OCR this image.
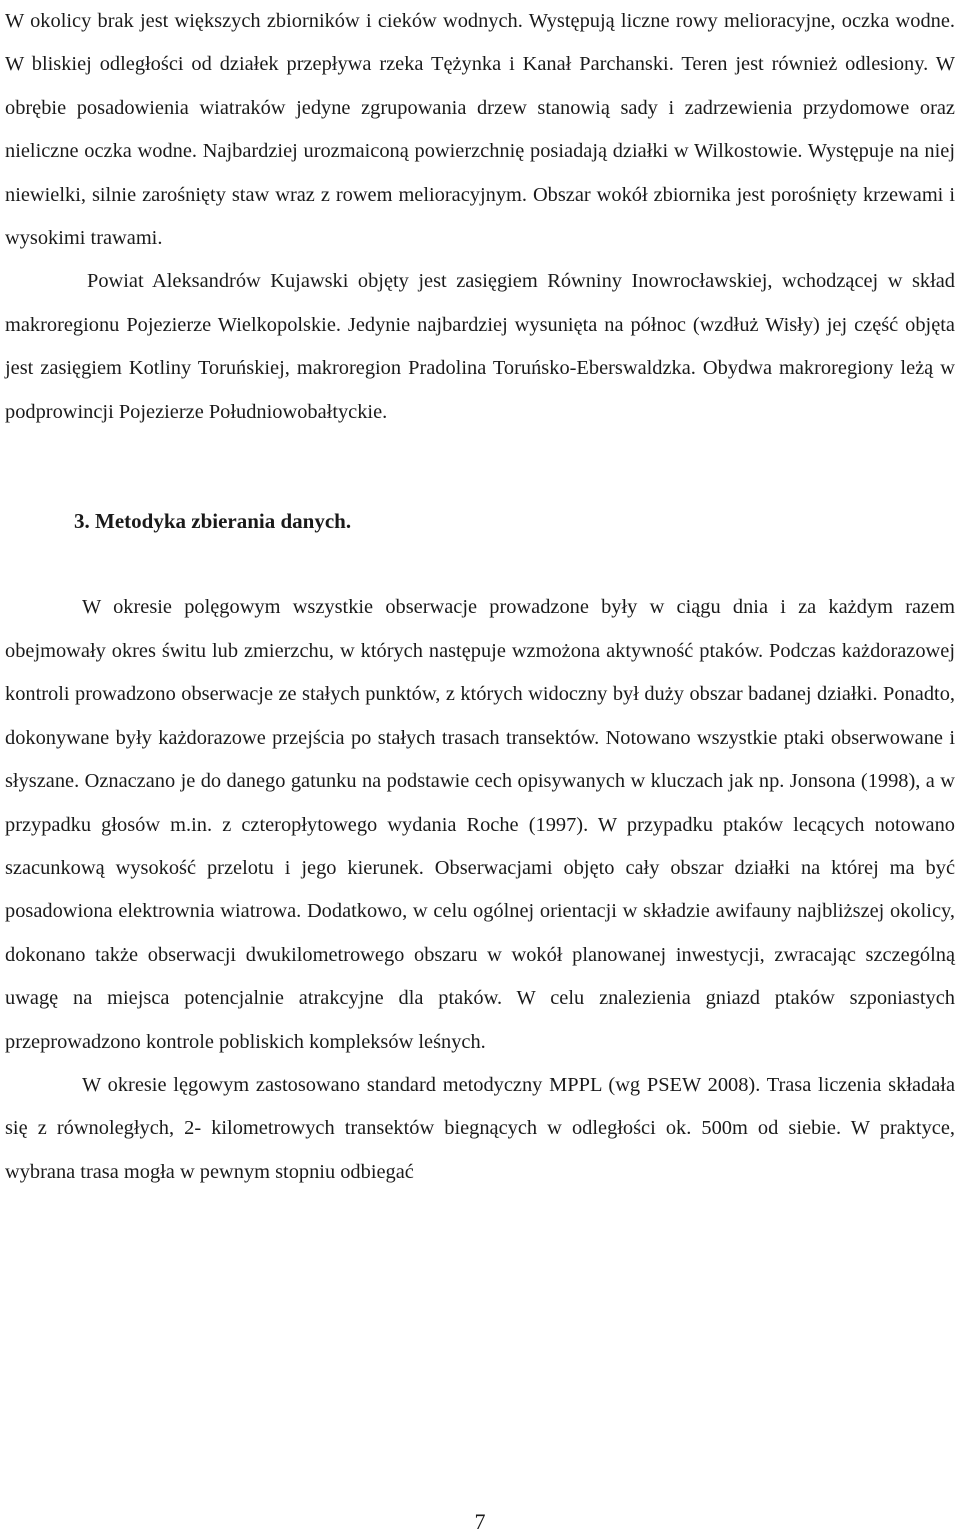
W okolicy brak jest większych zbiorników i cieków wodnych. Występują liczne rowy melioracyjne, oczka wodne. W bliskiej odległości od działek przepływa rzeka Tężynka i Kanał Parchanski. Teren jest również odlesiony. W obrębie posadowienia wiatraków jedyne zgrupowania drzew stanowią sady i zadrzewienia przydomowe oraz nieliczne oczka wodne. Najbardziej urozmaiconą powierzchnię posiadają działki w Wilkostowie. Występuje na niej niewielki, silnie zarośnięty staw wraz z rowem melioracyjnym. Obszar wokół zbiornika jest porośnięty krzewami i wysokimi trawami.

Powiat Aleksandrów Kujawski objęty jest zasięgiem Równiny Inowrocławskiej, wchodzącej w skład makroregionu Pojezierze Wielkopolskie. Jedynie najbardziej wysunięta na północ (wzdłuż Wisły) jej część objęta jest zasięgiem Kotliny Toruńskiej, makroregion Pradolina Toruńsko-Eberswaldzka. Obydwa makroregiony leżą w podprowincji Pojezierze Południowobałtyckie.

3. Metodyka zbierania danych.

W okresie polęgowym wszystkie obserwacje prowadzone były w ciągu dnia i za każdym razem obejmowały okres świtu lub zmierzchu, w których następuje wzmożona aktywność ptaków. Podczas każdorazowej kontroli prowadzono obserwacje ze stałych punktów, z których widoczny był duży obszar badanej działki. Ponadto, dokonywane były każdorazowe przejścia po stałych trasach transektów. Notowano wszystkie ptaki obserwowane i słyszane. Oznaczano je do danego gatunku na podstawie cech opisywanych w kluczach jak np. Jonsona (1998), a w przypadku głosów m.in. z czteropłytowego wydania Roche (1997). W przypadku ptaków lecących notowano szacunkową wysokość przelotu i jego kierunek. Obserwacjami objęto cały obszar działki na której ma być posadowiona elektrownia wiatrowa. Dodatkowo, w celu ogólnej orientacji w składzie awifauny najbliższej okolicy, dokonano także obserwacji dwukilometrowego obszaru w wokół planowanej inwestycji, zwracając szczególną uwagę na miejsca potencjalnie atrakcyjne dla ptaków. W celu znalezienia gniazd ptaków szponiastych przeprowadzono kontrole pobliskich kompleksów leśnych.

W okresie lęgowym zastosowano standard metodyczny MPPL (wg PSEW 2008). Trasa liczenia składała się z równoległych, 2- kilometrowych transektów biegnących w odległości ok. 500m od siebie. W praktyce, wybrana trasa mogła w pewnym stopniu odbiegać

7
